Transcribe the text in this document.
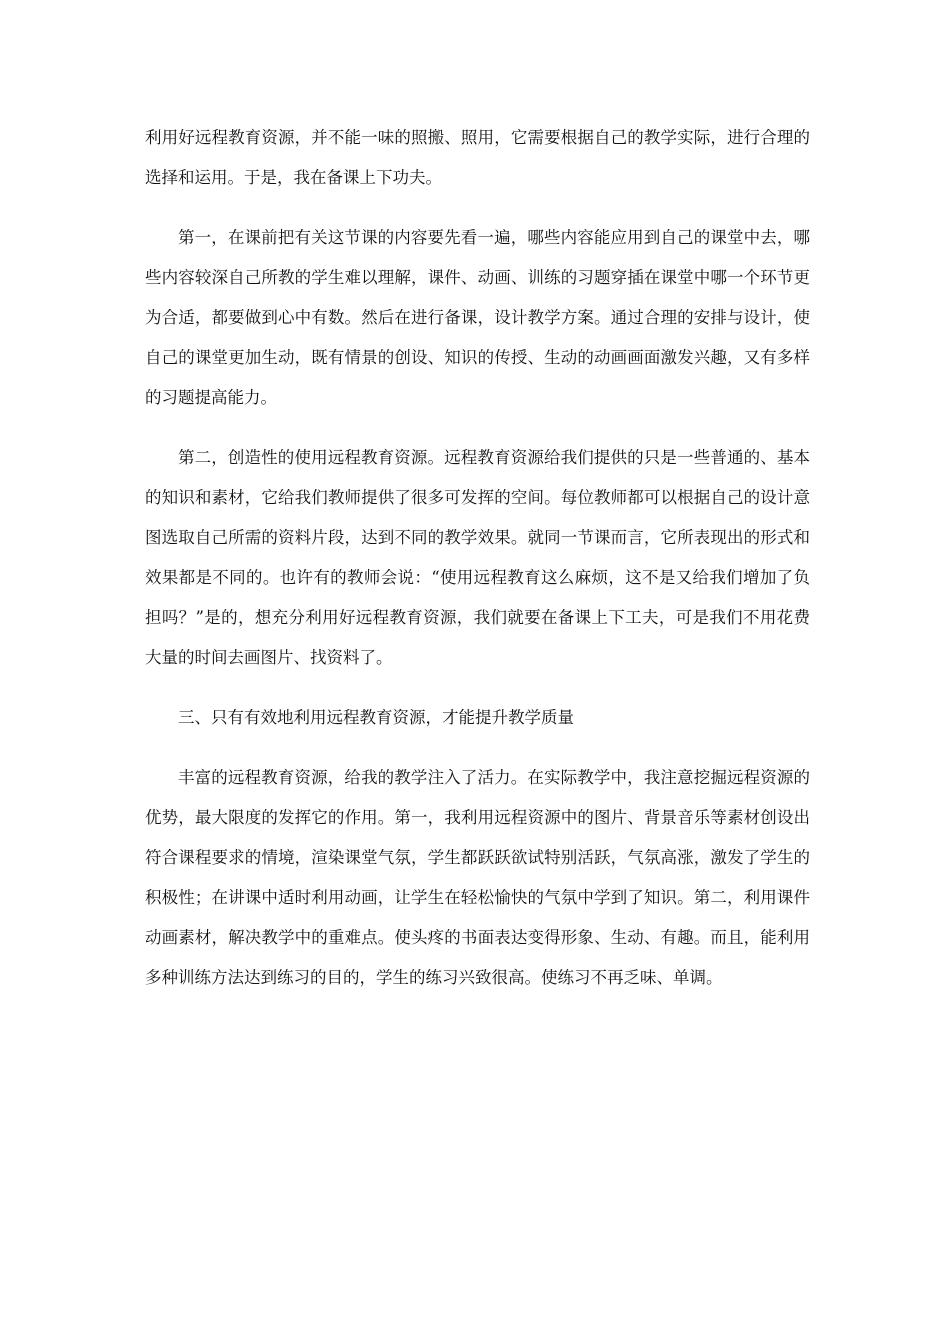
利用好远程教育资源，并不能一味的照搬、照用，它需要根据自己的教学实际，进行合理的选择和运用。于是，我在备课上下功夫。

第一，在课前把有关这节课的内容要先看一遍，哪些内容能应用到自己的课堂中去，哪些内容较深自己所教的学生难以理解，课件、动画、训练的习题穿插在课堂中哪一个环节更为合适，都要做到心中有数。然后在进行备课，设计教学方案。通过合理的安排与设计，使自己的课堂更加生动，既有情景的创设、知识的传授、生动的动画画面激发兴趣，又有多样的习题提高能力。

第二，创造性的使用远程教育资源。远程教育资源给我们提供的只是一些普通的、基本的知识和素材，它给我们教师提供了很多可发挥的空间。每位教师都可以根据自己的设计意图选取自己所需的资料片段，达到不同的教学效果。就同一节课而言，它所表现出的形式和效果都是不同的。也许有的教师会说：“使用远程教育这么麻烦，这不是又给我们增加了负担吗？”是的，想充分利用好远程教育资源，我们就要在备课上下工夫，可是我们不用花费大量的时间去画图片、找资料了。

三、只有有效地利用远程教育资源，才能提升教学质量

丰富的远程教育资源，给我的教学注入了活力。在实际教学中，我注意挖掘远程资源的优势，最大限度的发挥它的作用。第一，我利用远程资源中的图片、背景音乐等素材创设出符合课程要求的情境，渲染课堂气氛，学生都跃跃欲试特别活跃，气氛高涨，激发了学生的积极性；在讲课中适时利用动画，让学生在轻松愉快的气氛中学到了知识。第二，利用课件动画素材，解决教学中的重难点。使头疼的书面表达变得形象、生动、有趣。而且，能利用多种训练方法达到练习的目的，学生的练习兴致很高。使练习不再乏味、单调。
